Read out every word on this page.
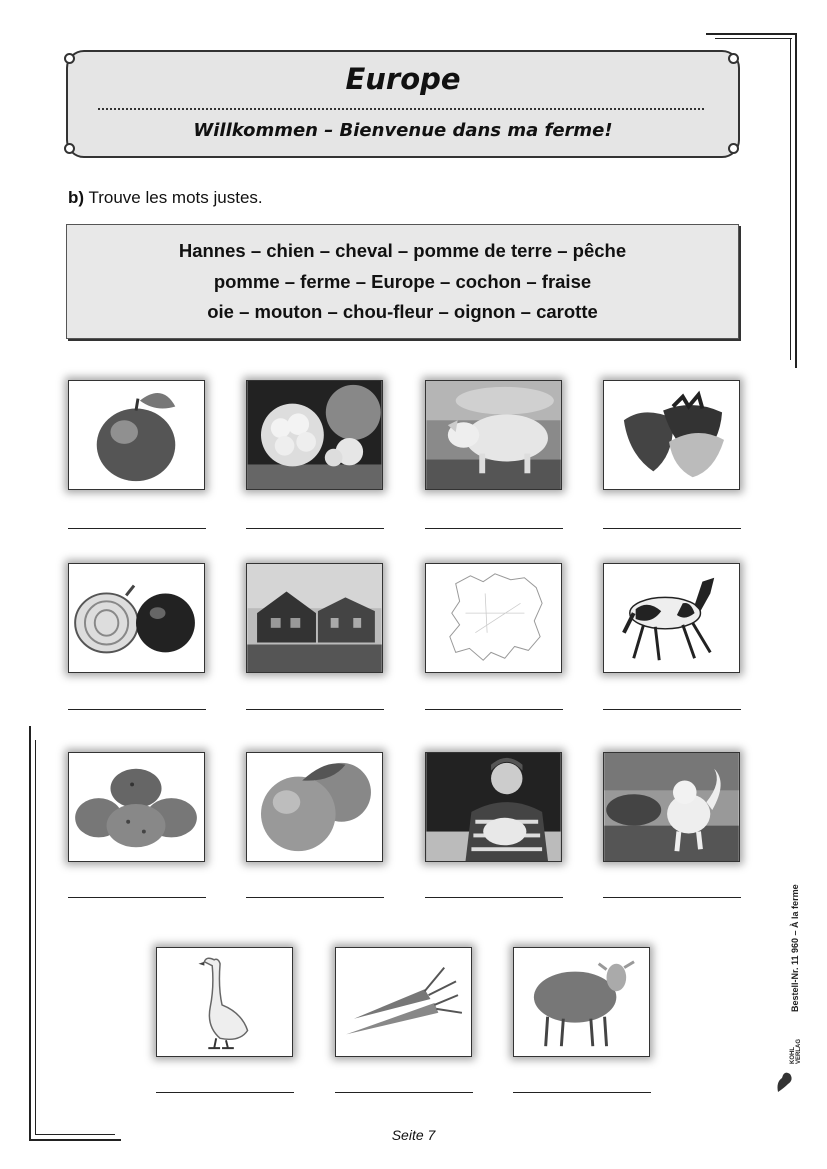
Europe
Willkommen – Bienvenue dans ma ferme!
b) Trouve les mots justes.
Hannes – chien – cheval – pomme de terre – pêche
pomme – ferme – Europe – cochon – fraise
oie – mouton – chou-fleur – oignon – carotte
Bestell-Nr. 11 960 – À la ferme
KOHL VERLAG
Seite 7
